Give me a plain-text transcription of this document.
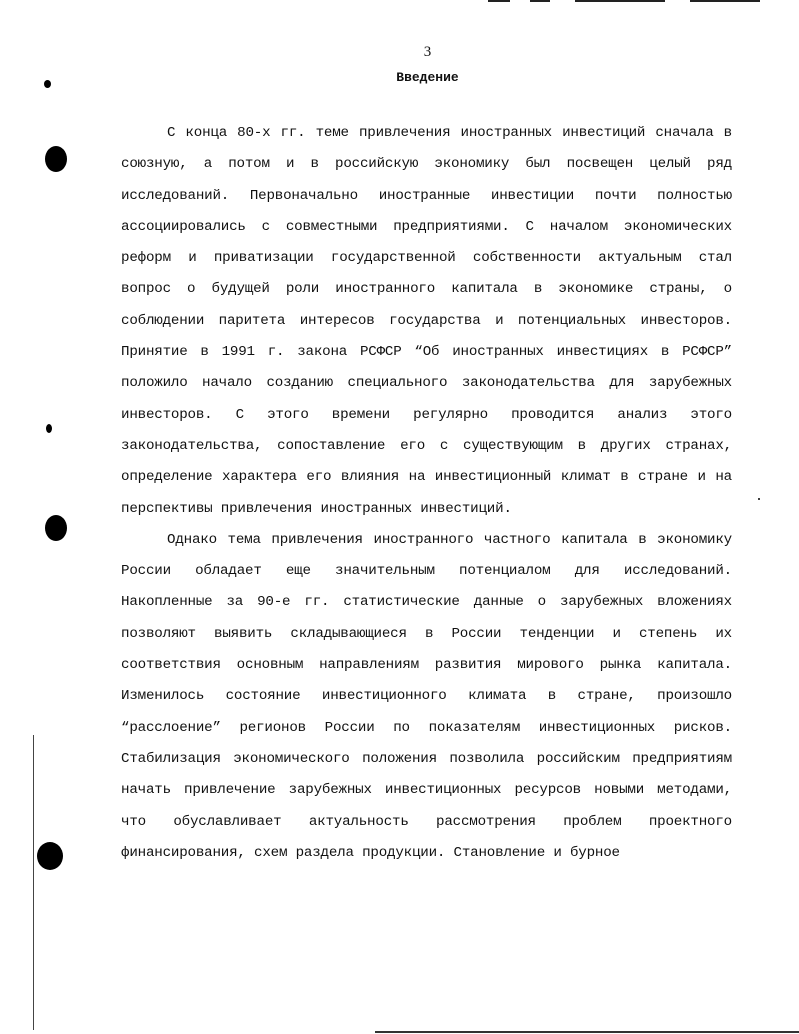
3
Введение

С конца 80-х гг. теме привлечения иностранных инвестиций сначала в союзную, а потом и в российскую экономику был посвещен целый ряд исследований. Первоначально иностранные инвестиции почти полностью ассоциировались с совместными предприятиями. С началом экономических реформ и приватизации государственной собственности актуальным стал вопрос о будущей роли иностранного капитала в экономике страны, о соблюдении паритета интересов государства и потенциальных инвесторов. Принятие в 1991 г. закона РСФСР “Об иностранных инвестициях в РСФСР” положило начало созданию специального законодательства для зарубежных инвесторов. С этого времени регулярно проводится анализ этого законодательства, сопоставление его с существующим в других странах, определение характера его влияния на инвестиционный климат в стране и на перспективы привлечения иностранных инвестиций.

Однако тема привлечения иностранного частного капитала в экономику России обладает еще значительным потенциалом для исследований. Накопленные за 90-е гг. статистические данные о зарубежных вложениях позволяют выявить складывающиеся в России тенденции и степень их соответствия основным направлениям развития мирового рынка капитала. Изменилось состояние инвестиционного климата в стране, произошло “расслоение” регионов России по показателям инвестиционных рисков. Стабилизация экономического положения позволила российским предприятиям начать привлечение зарубежных инвестиционных ресурсов новыми методами, что обуславливает актуальность рассмотрения проблем проектного финансирования, схем раздела продукции. Становление и бурное
